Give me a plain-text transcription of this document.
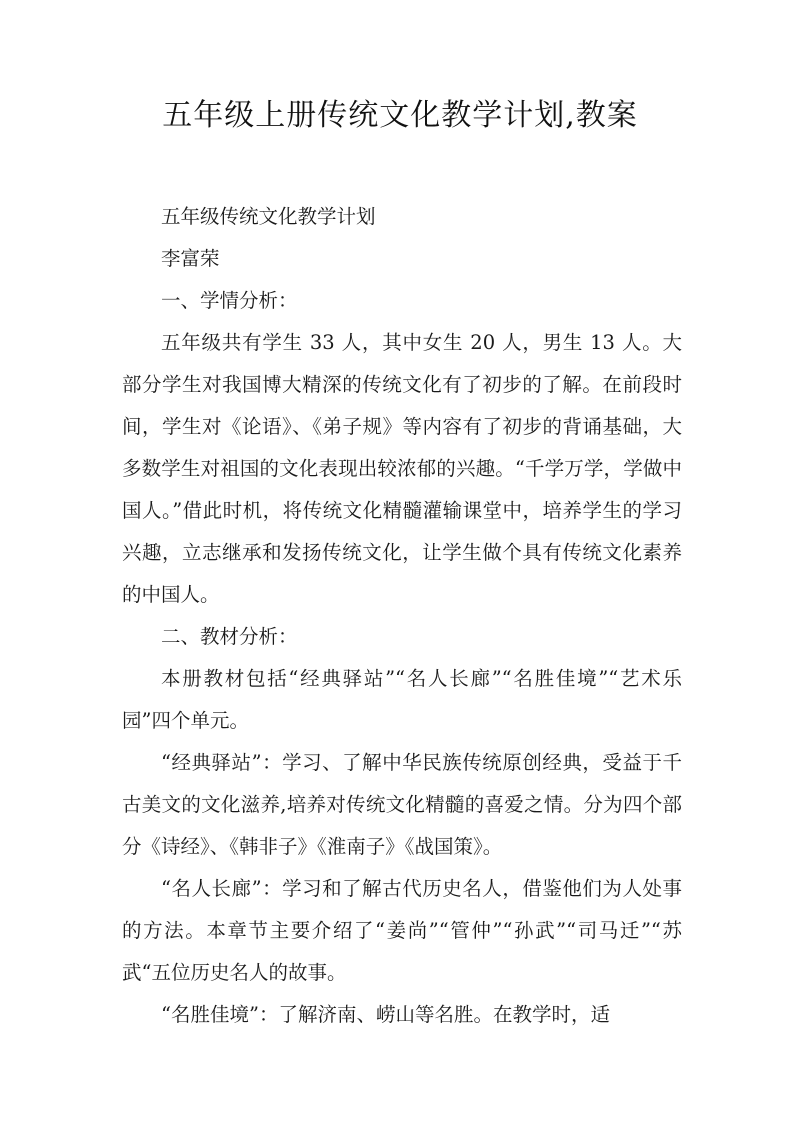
五年级上册传统文化教学计划,教案

五年级传统文化教学计划

李富荣

一、学情分析：

五年级共有学生 33 人，其中女生 20 人，男生 13 人。大部分学生对我国博大精深的传统文化有了初步的了解。在前段时间，学生对《论语》、《弟子规》等内容有了初步的背诵基础，大多数学生对祖国的文化表现出较浓郁的兴趣。“千学万学，学做中国人。”借此时机，将传统文化精髓灌输课堂中，培养学生的学习兴趣，立志继承和发扬传统文化，让学生做个具有传统文化素养的中国人。

二、教材分析：

本册教材包括“经典驿站”“名人长廊”“名胜佳境”“艺术乐园”四个单元。

“经典驿站”：学习、了解中华民族传统原创经典，受益于千古美文的文化滋养,培养对传统文化精髓的喜爱之情。分为四个部分《诗经》、《韩非子》《淮南子》《战国策》。

“名人长廊”：学习和了解古代历史名人，借鉴他们为人处事的方法。本章节主要介绍了“姜尚”“管仲”“孙武”“司马迁”“苏武“五位历史名人的故事。

“名胜佳境”：了解济南、崂山等名胜。在教学时，适
